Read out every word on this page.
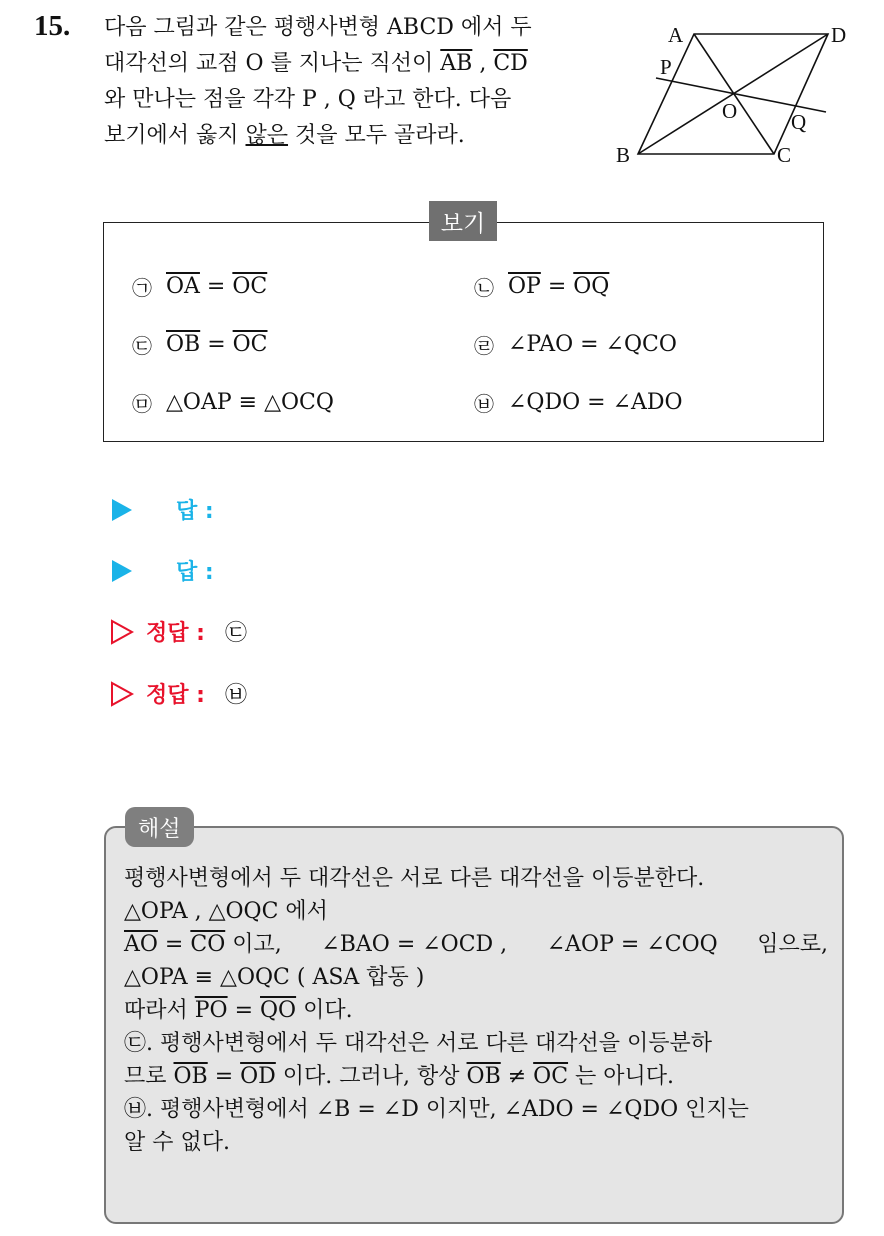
15. 다음 그림과 같은 평행사변형 ABCD 에서 두
대각선의 교점 O 를 지나는 직선이 $\overline{AB}$ , $\overline{CD}$
와 만나는 점을 각각 P , Q 라고 한다. 다음
보기에서 옳지 않은 것을 모두 골라라.
A	D
B	C
O
P
Q
보기
㉠ $\overline{OA} = \overline{OC}$	㉡ $\overline{OP} = \overline{OQ}$
㉢ $\overline{OB} = \overline{OC}$	㉣ ∠PAO = ∠QCO
㉤ △OAP ≡ △OCQ	㉥ ∠QDO = ∠ADO
답 :
답 :
정답 : ㉢
정답 : ㉥
해설
평행사변형에서 두 대각선은 서로 다른 대각선을 이등분한다.
△OPA , △OQC 에서
$\overline{AO} = \overline{CO}$ 이고, ∠BAO = ∠OCD , ∠AOP = ∠COQ 임으로,
△OPA ≡ △OQC ( ASA 합동 )
따라서 $\overline{PO} = \overline{QO}$ 이다.
㉢. 평행사변형에서 두 대각선은 서로 다른 대각선을 이등분하
므로 $\overline{OB} = \overline{OD}$ 이다. 그러나, 항상 $\overline{OB} \ne \overline{OC}$ 는 아니다.
㉥. 평행사변형에서 ∠B = ∠D 이지만, ∠ADO = ∠QDO 인지는
알 수 없다.
